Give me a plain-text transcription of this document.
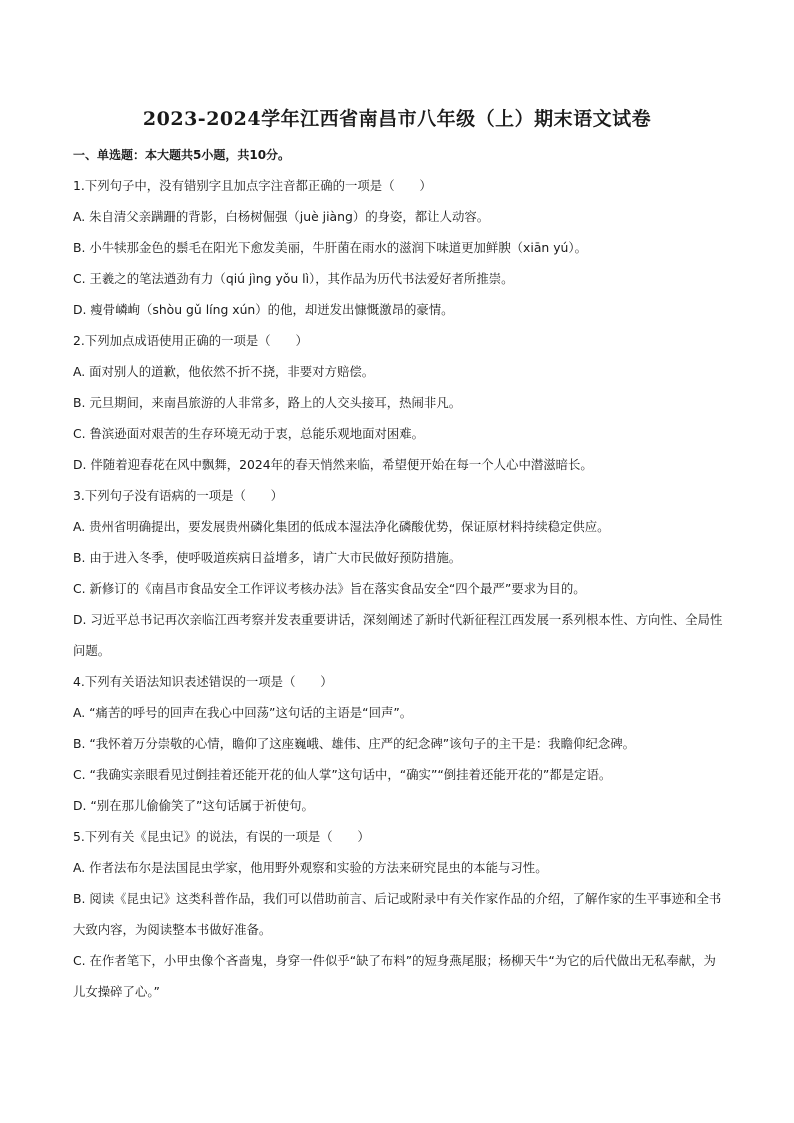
2023-2024学年江西省南昌市八年级（上）期末语文试卷
一、单选题：本大题共5小题，共10分。
1.下列句子中，没有错别字且加点字注音都正确的一项是（　　）
A. 朱自清父亲蹒跚的背影，白杨树倔强（juè jiàng）的身姿，都让人动容。
B. 小牛犊那金色的鬃毛在阳光下愈发美丽，牛肝菌在雨水的滋润下味道更加鲜腴（xiān yú）。
C. 王羲之的笔法遒劲有力（qiú jìng yǒu lì），其作品为历代书法爱好者所推崇。
D. 瘦骨嶙峋（shòu gǔ líng xún）的他，却迸发出慷慨激昂的豪情。
2.下列加点成语使用正确的一项是（　　）
A. 面对别人的道歉，他依然不折不挠，非要对方赔偿。
B. 元旦期间，来南昌旅游的人非常多，路上的人交头接耳，热闹非凡。
C. 鲁滨逊面对艰苦的生存环境无动于衷，总能乐观地面对困难。
D. 伴随着迎春花在风中飘舞，2024年的春天悄然来临，希望便开始在每一个人心中潜滋暗长。
3.下列句子没有语病的一项是（　　）
A. 贵州省明确提出，要发展贵州磷化集团的低成本湿法净化磷酸优势，保证原材料持续稳定供应。
B. 由于进入冬季，使呼吸道疾病日益增多，请广大市民做好预防措施。
C. 新修订的《南昌市食品安全工作评议考核办法》旨在落实食品安全“四个最严”要求为目的。
D. 习近平总书记再次亲临江西考察并发表重要讲话，深刻阐述了新时代新征程江西发展一系列根本性、方向性、全局性问题。
4.下列有关语法知识表述错误的一项是（　　）
A. “痛苦的呼号的回声在我心中回荡”这句话的主语是“回声”。
B. “我怀着万分崇敬的心情，瞻仰了这座巍峨、雄伟、庄严的纪念碑”该句子的主干是：我瞻仰纪念碑。
C. “我确实亲眼看见过倒挂着还能开花的仙人掌”这句话中，“确实”“倒挂着还能开花的”都是定语。
D. “别在那儿偷偷笑了”这句话属于祈使句。
5.下列有关《昆虫记》的说法，有误的一项是（　　）
A. 作者法布尔是法国昆虫学家，他用野外观察和实验的方法来研究昆虫的本能与习性。
B. 阅读《昆虫记》这类科普作品，我们可以借助前言、后记或附录中有关作家作品的介绍，了解作家的生平事迹和全书大致内容，为阅读整本书做好准备。
C. 在作者笔下，小甲虫像个吝啬鬼，身穿一件似乎“缺了布料”的短身燕尾服；杨柳天牛“为它的后代做出无私奉献，为儿女操碎了心。”
